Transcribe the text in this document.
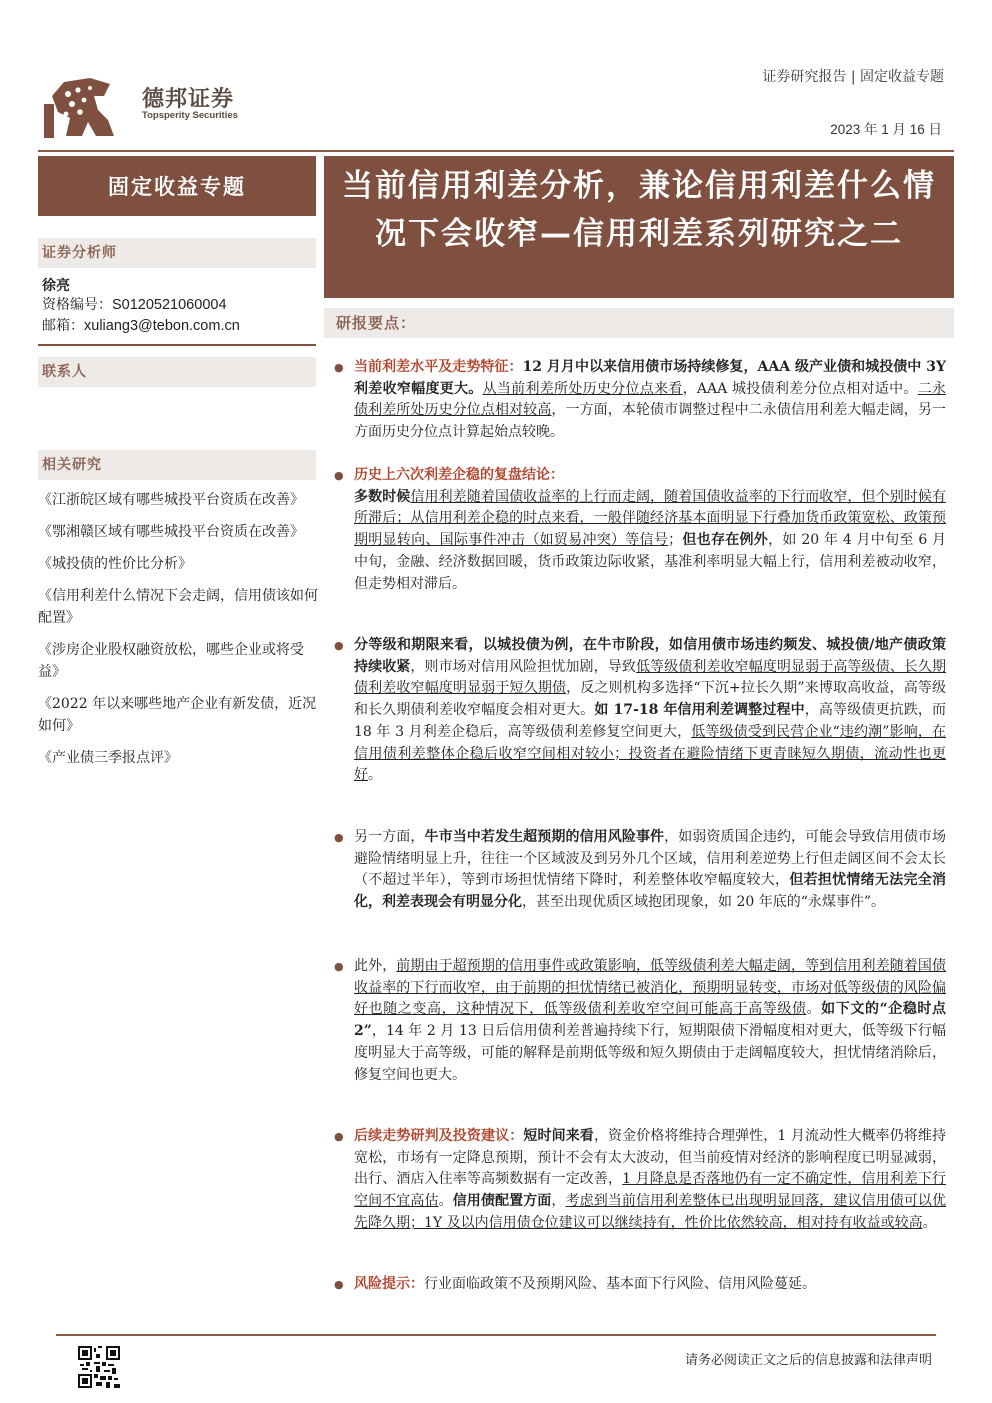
德邦证券
Topsperity Securities
证券研究报告 | 固定收益专题
2023 年 1 月 16 日
固定收益专题
证券分析师
徐亮
资格编号：S0120521060004
邮箱：xuliang3@tebon.com.cn
联系人
相关研究
《江浙皖区域有哪些城投平台资质在改善》
《鄂湘赣区域有哪些城投平台资质在改善》
《城投债的性价比分析》
《信用利差什么情况下会走阔，信用债该如何配置》
《涉房企业股权融资放松，哪些企业或将受益》
《2022 年以来哪些地产企业有新发债，近况如何》
《产业债三季报点评》
当前信用利差分析，兼论信用利差什么情况下会收窄—信用利差系列研究之二
研报要点：
● 当前利差水平及走势特征：12 月月中以来信用债市场持续修复，AAA 级产业债和城投债中 3Y 利差收窄幅度更大。从当前利差所处历史分位点来看，AAA 城投债利差分位点相对适中。二永债利差所处历史分位点相对较高，一方面，本轮债市调整过程中二永债信用利差大幅走阔，另一方面历史分位点计算起始点较晚。
● 历史上六次利差企稳的复盘结论：
多数时候信用利差随着国债收益率的上行而走阔，随着国债收益率的下行而收窄，但个别时候有所滞后；从信用利差企稳的时点来看，一般伴随经济基本面明显下行叠加货币政策宽松、政策预期明显转向、国际事件冲击（如贸易冲突）等信号；但也存在例外，如 20 年 4 月中旬至 6 月中旬，金融、经济数据回暖，货币政策边际收紧，基准利率明显大幅上行，信用利差被动收窄，但走势相对滞后。
● 分等级和期限来看，以城投债为例，在牛市阶段，如信用债市场违约频发、城投债/地产债政策持续收紧，则市场对信用风险担忧加剧，导致低等级债利差收窄幅度明显弱于高等级债、长久期债利差收窄幅度明显弱于短久期债，反之则机构多选择“下沉+拉长久期”来博取高收益，高等级和长久期债利差收窄幅度会相对更大。如 17-18 年信用利差调整过程中，高等级债更抗跌，而 18 年 3 月利差企稳后，高等级债利差修复空间更大，低等级债受到民营企业“违约潮”影响，在信用债利差整体企稳后收窄空间相对较小；投资者在避险情绪下更青睐短久期债，流动性也更好。
● 另一方面，牛市当中若发生超预期的信用风险事件，如弱资质国企违约，可能会导致信用债市场避险情绪明显上升，往往一个区域波及到另外几个区域，信用利差逆势上行但走阔区间不会太长（不超过半年），等到市场担忧情绪下降时，利差整体收窄幅度较大，但若担忧情绪无法完全消化，利差表现会有明显分化，甚至出现优质区域抱团现象，如 20 年底的“永煤事件”。
● 此外，前期由于超预期的信用事件或政策影响，低等级债利差大幅走阔，等到信用利差随着国债收益率的下行而收窄，由于前期的担忧情绪已被消化，预期明显转变，市场对低等级债的风险偏好也随之变高，这种情况下，低等级债利差收窄空间可能高于高等级债。如下文的“企稳时点 2”，14 年 2 月 13 日后信用债利差普遍持续下行，短期限债下滑幅度相对更大，低等级下行幅度明显大于高等级，可能的解释是前期低等级和短久期债由于走阔幅度较大，担忧情绪消除后，修复空间也更大。
● 后续走势研判及投资建议：短时间来看，资金价格将维持合理弹性，1 月流动性大概率仍将维持宽松，市场有一定降息预期，预计不会有太大波动，但当前疫情对经济的影响程度已明显减弱，出行、酒店入住率等高频数据有一定改善，1 月降息是否落地仍有一定不确定性，信用利差下行空间不宜高估。信用债配置方面，考虑到当前信用利差整体已出现明显回落，建议信用债可以优先降久期；1Y 及以内信用债仓位建议可以继续持有，性价比依然较高，相对持有收益或较高。
● 风险提示：行业面临政策不及预期风险、基本面下行风险、信用风险蔓延。
请务必阅读正文之后的信息披露和法律声明
